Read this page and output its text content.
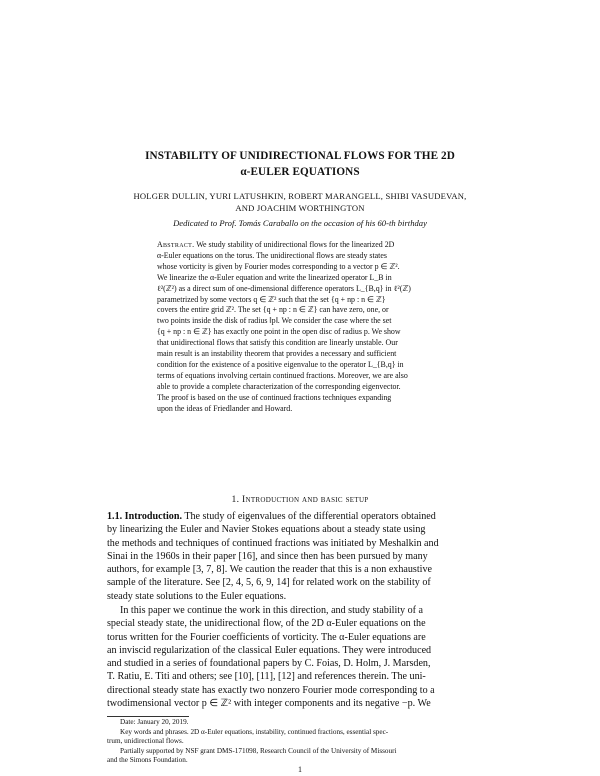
INSTABILITY OF UNIDIRECTIONAL FLOWS FOR THE 2D
α-EULER EQUATIONS
HOLGER DULLIN, YURI LATUSHKIN, ROBERT MARANGELL, SHIBI VASUDEVAN,
AND JOACHIM WORTHINGTON
Dedicated to Prof. Tomás Caraballo on the occasion of his 60-th birthday
Abstract. We study stability of unidirectional flows for the linearized 2D
α-Euler equations on the torus. The unidirectional flows are steady states
whose vorticity is given by Fourier modes corresponding to a vector p ∈ ℤ².
We linearize the α-Euler equation and write the linearized operator L_B in
ℓ²(ℤ²) as a direct sum of one-dimensional difference operators L_{B,q} in ℓ²(ℤ)
parametrized by some vectors q ∈ ℤ² such that the set {q + np : n ∈ ℤ}
covers the entire grid ℤ². The set {q + np : n ∈ ℤ} can have zero, one, or
two points inside the disk of radius ‖p‖. We consider the case where the set
{q + np : n ∈ ℤ} has exactly one point in the open disc of radius p. We show
that unidirectional flows that satisfy this condition are linearly unstable. Our
main result is an instability theorem that provides a necessary and sufficient
condition for the existence of a positive eigenvalue to the operator L_{B,q} in
terms of equations involving certain continued fractions. Moreover, we are also
able to provide a complete characterization of the corresponding eigenvector.
The proof is based on the use of continued fractions techniques expanding
upon the ideas of Friedlander and Howard.
1. Introduction and basic setup

1.1. Introduction. The study of eigenvalues of the differential operators obtained

by linearizing the Euler and Navier Stokes equations about a steady state using

the methods and techniques of continued fractions was initiated by Meshalkin and

Sinai in the 1960s in their paper [16], and since then has been pursued by many

authors, for example [3, 7, 8]. We caution the reader that this is a non exhaustive

sample of the literature. See [2, 4, 5, 6, 9, 14] for related work on the stability of

steady state solutions to the Euler equations.

In this paper we continue the work in this direction, and study stability of a

special steady state, the unidirectional flow, of the 2D α-Euler equations on the

torus written for the Fourier coefficients of vorticity. The α-Euler equations are

an inviscid regularization of the classical Euler equations. They were introduced

and studied in a series of foundational papers by C. Foias, D. Holm, J. Marsden,

T. Ratiu, E. Titi and others; see [10], [11], [12] and references therein. The uni-

directional steady state has exactly two nonzero Fourier mode corresponding to a

twodimensional vector p ∈ ℤ² with integer components and its negative −p. We

Date: January 20, 2019.

Key words and phrases. 2D α-Euler equations, instability, continued fractions, essential spec-

trum, unidirectional flows.

Partially supported by NSF grant DMS-171098, Research Council of the University of Missouri

and the Simons Foundation.

1
